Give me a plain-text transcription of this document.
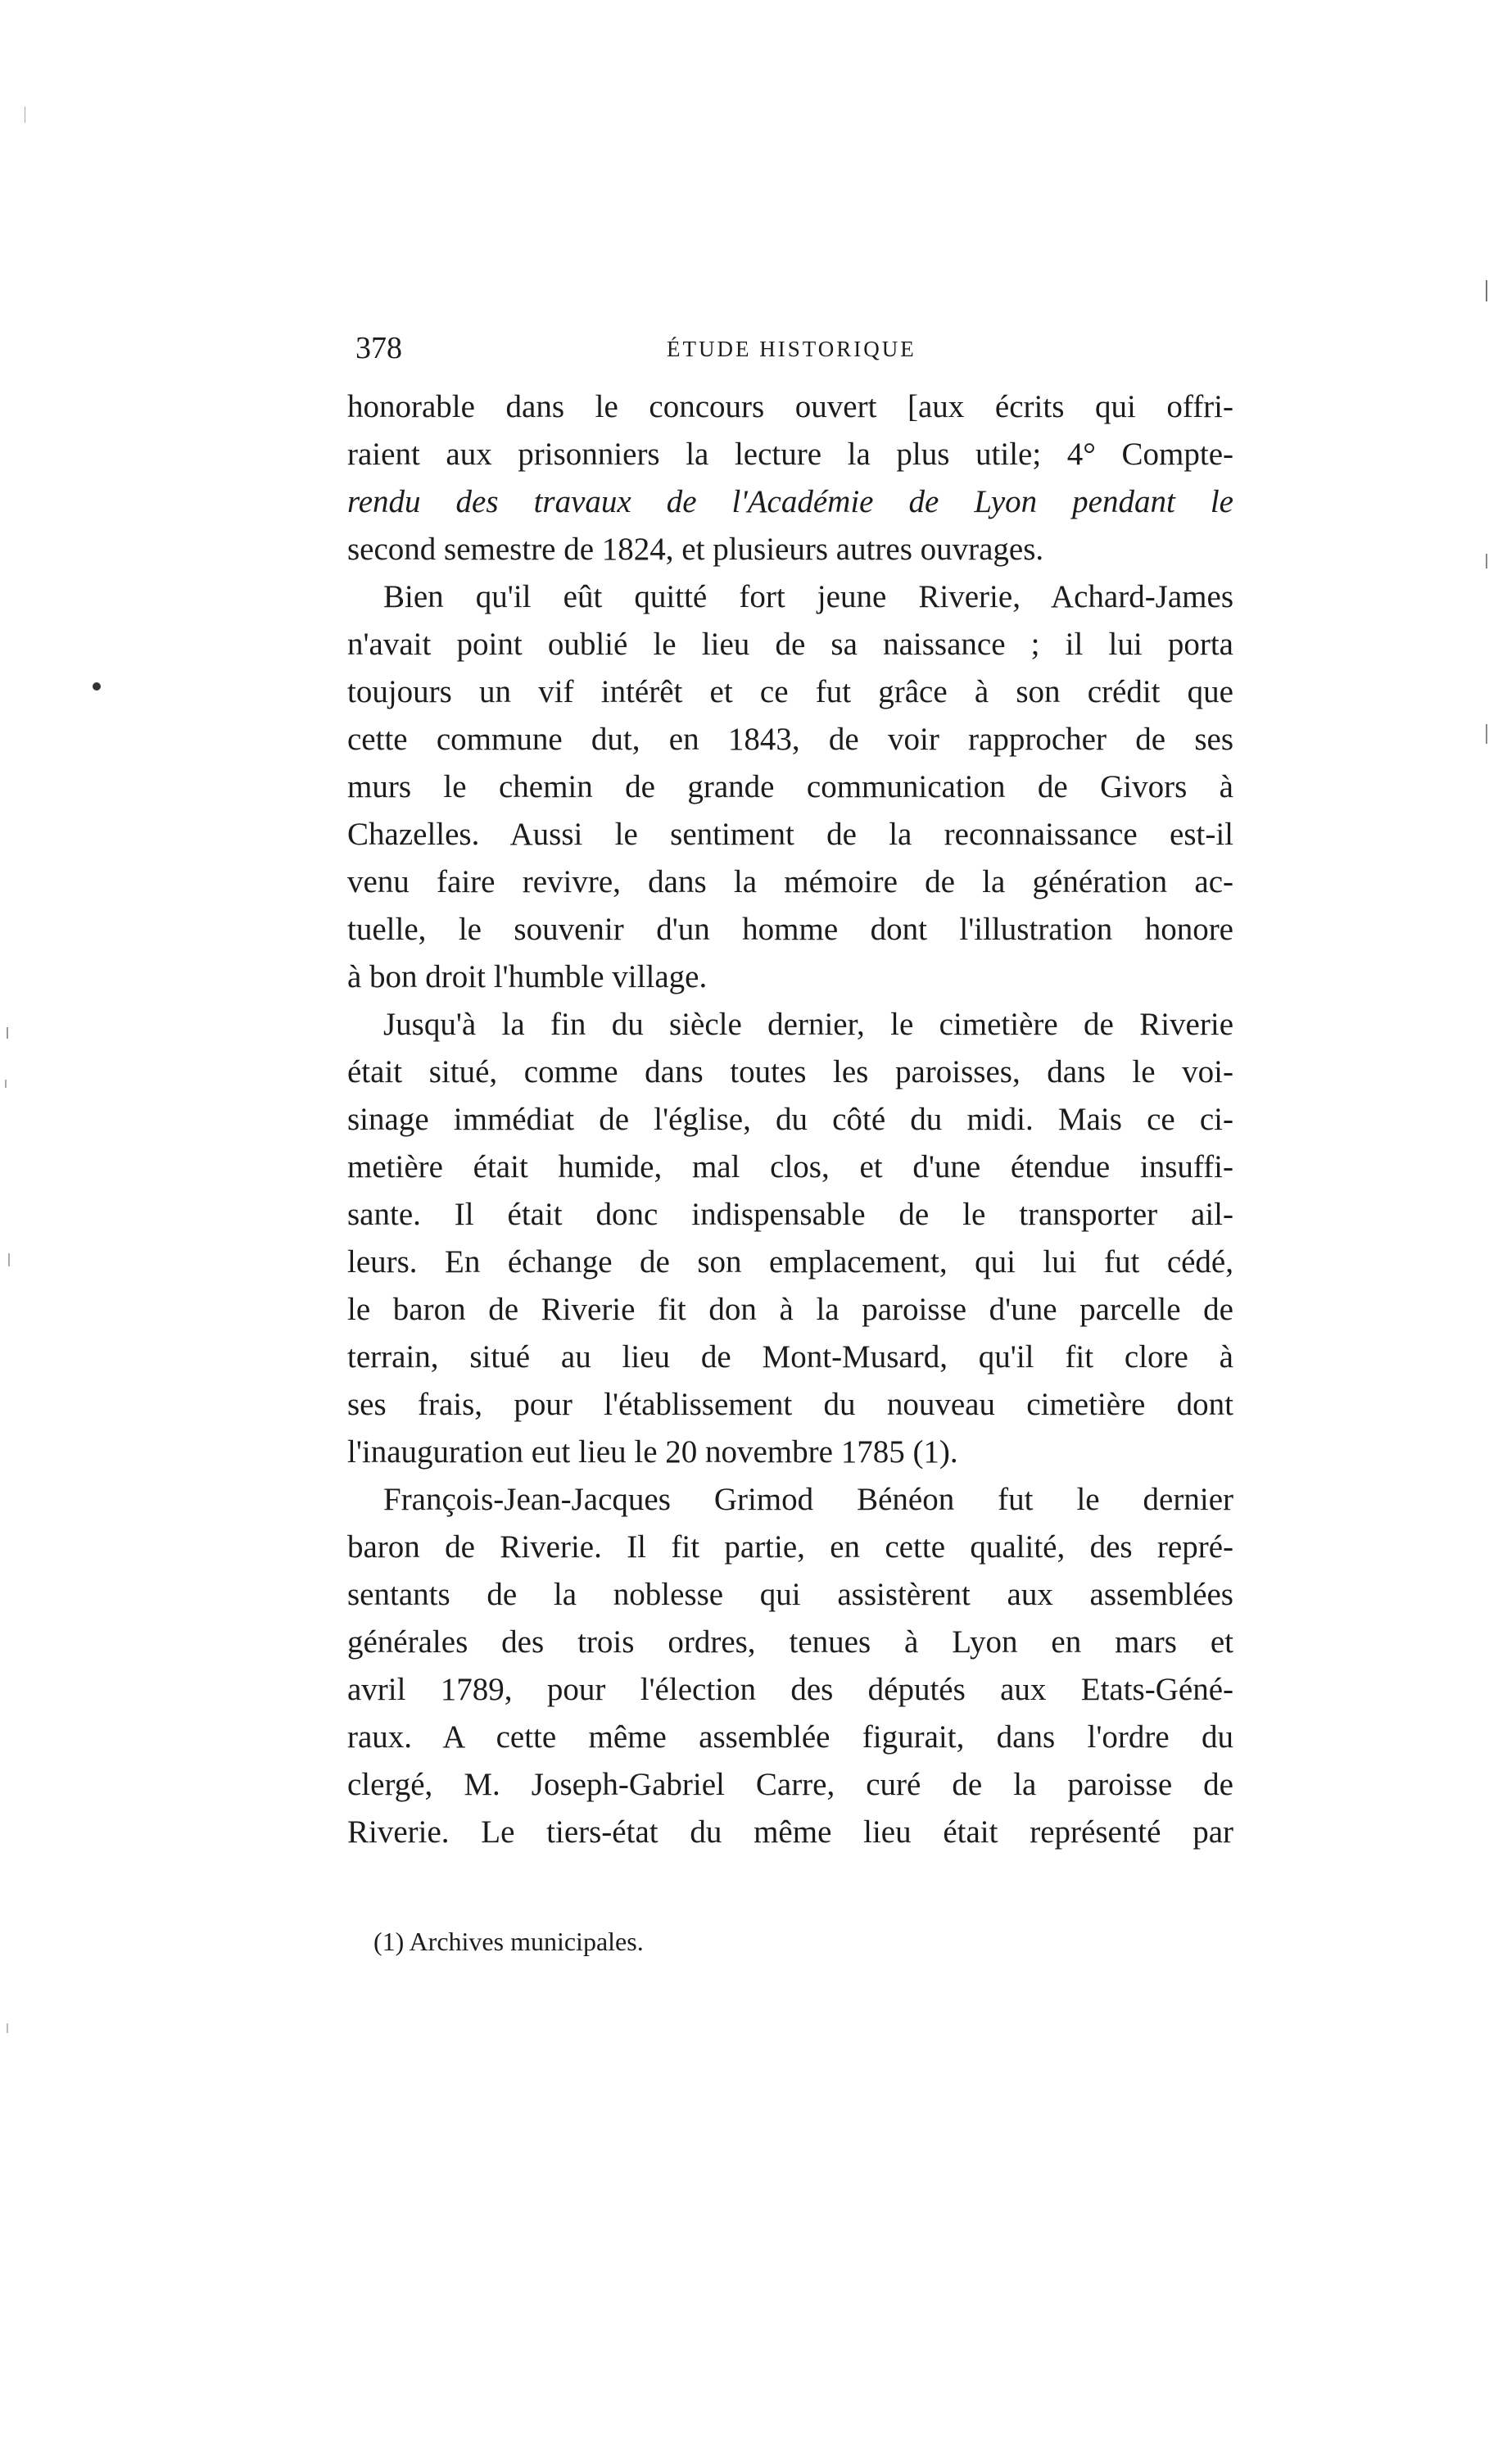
378	ÉTUDE HISTORIQUE
honorable dans le concours ouvert [aux écrits qui offri-
raient aux prisonniers la lecture la plus utile; 4° Compte-
rendu des travaux de l'Académie de Lyon pendant le
second semestre de 1824, et plusieurs autres ouvrages.
Bien qu'il eût quitté fort jeune Riverie, Achard-James
n'avait point oublié le lieu de sa naissance ; il lui porta
toujours un vif intérêt et ce fut grâce à son crédit que
cette commune dut, en 1843, de voir rapprocher de ses
murs le chemin de grande communication de Givors à
Chazelles. Aussi le sentiment de la reconnaissance est-il
venu faire revivre, dans la mémoire de la génération ac-
tuelle, le souvenir d'un homme dont l'illustration honore
à bon droit l'humble village.
Jusqu'à la fin du siècle dernier, le cimetière de Riverie
était situé, comme dans toutes les paroisses, dans le voi-
sinage immédiat de l'église, du côté du midi. Mais ce ci-
metière était humide, mal clos, et d'une étendue insuffi-
sante. Il était donc indispensable de le transporter ail-
leurs. En échange de son emplacement, qui lui fut cédé,
le baron de Riverie fit don à la paroisse d'une parcelle de
terrain, situé au lieu de Mont-Musard, qu'il fit clore à
ses frais, pour l'établissement du nouveau cimetière dont
l'inauguration eut lieu le 20 novembre 1785 (1).
François-Jean-Jacques Grimod Bénéon fut le dernier
baron de Riverie. Il fit partie, en cette qualité, des repré-
sentants de la noblesse qui assistèrent aux assemblées
générales des trois ordres, tenues à Lyon en mars et
avril 1789, pour l'élection des députés aux Etats-Géné-
raux. A cette même assemblée figurait, dans l'ordre du
clergé, M. Joseph-Gabriel Carre, curé de la paroisse de
Riverie. Le tiers-état du même lieu était représenté par
(1) Archives municipales.
